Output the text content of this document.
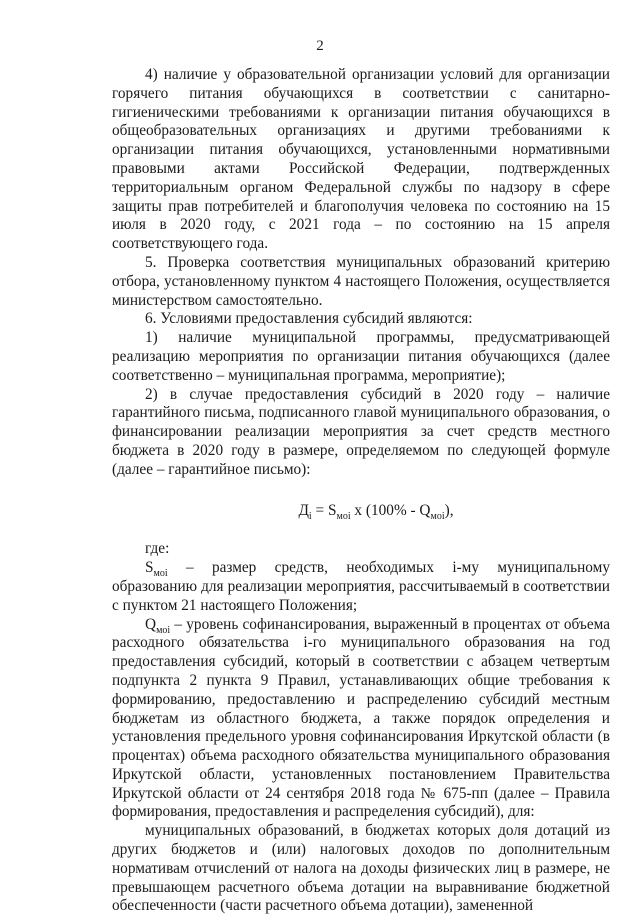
2

4) наличие у образовательной организации условий для организации горячего питания обучающихся в соответствии с санитарно-гигиеническими требованиями к организации питания обучающихся в общеобразовательных организациях и другими требованиями к организации питания обучающихся, установленными нормативными правовыми актами Российской Федерации, подтвержденных территориальным органом Федеральной службы по надзору в сфере защиты прав потребителей и благополучия человека по состоянию на 15 июля в 2020 году, с 2021 года – по состоянию на 15 апреля соответствующего года.

5. Проверка соответствия муниципальных образований критерию отбора, установленному пунктом 4 настоящего Положения, осуществляется министерством самостоятельно.

6. Условиями предоставления субсидий являются:

1) наличие муниципальной программы, предусматривающей реализацию мероприятия по организации питания обучающихся (далее соответственно – муниципальная программа, мероприятие);

2) в случае предоставления субсидий в 2020 году – наличие гарантийного письма, подписанного главой муниципального образования, о финансировании реализации мероприятия за счет средств местного бюджета в 2020 году в размере, определяемом по следующей формуле (далее – гарантийное письмо):

$Д_i = S_{моi}$ x $(100\% - Q_{моi})$,

где:

$S_{моi}$ – размер средств, необходимых i-му муниципальному образованию для реализации мероприятия, рассчитываемый в соответствии с пунктом 21 настоящего Положения;

$Q_{моi}$ – уровень софинансирования, выраженный в процентах от объема расходного обязательства i-го муниципального образования на год предоставления субсидий, который в соответствии с абзацем четвертым подпункта 2 пункта 9 Правил, устанавливающих общие требования к формированию, предоставлению и распределению субсидий местным бюджетам из областного бюджета, а также порядок определения и установления предельного уровня софинансирования Иркутской области (в процентах) объема расходного обязательства муниципального образования Иркутской области, установленных постановлением Правительства Иркутской области от 24 сентября 2018 года № 675-пп (далее – Правила формирования, предоставления и распределения субсидий), для:

муниципальных образований, в бюджетах которых доля дотаций из других бюджетов и (или) налоговых доходов по дополнительным нормативам отчислений от налога на доходы физических лиц в размере, не превышающем расчетного объема дотации на выравнивание бюджетной обеспеченности (части расчетного объема дотации), замененной
